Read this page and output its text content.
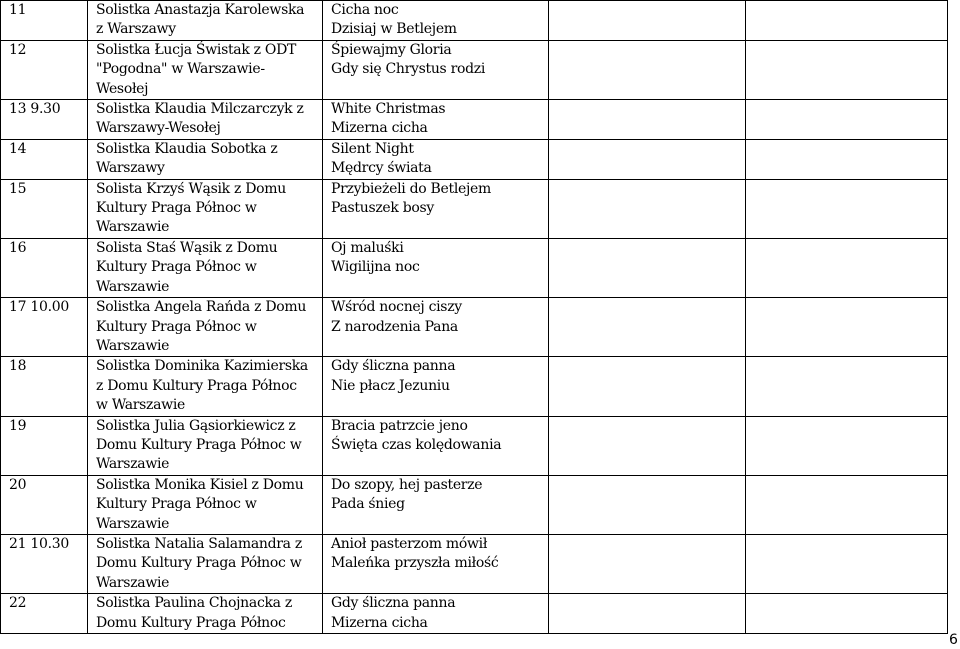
11	Solistka Anastazja Karolewska
z Warszawy	Cicha noc
Dzisiaj w Betlejem		

12	Solistka Łucja Świstak z ODT
"Pogodna" w Warszawie-
Wesołej	Śpiewajmy Gloria
Gdy się Chrystus rodzi		

13 9.30	Solistka Klaudia Milczarczyk z
Warszawy-Wesołej	White Christmas
Mizerna cicha		

14	Solistka Klaudia Sobotka z
Warszawy	Silent Night
Mędrcy świata		

15	Solista Krzyś Wąsik z Domu
Kultury Praga Północ w
Warszawie	Przybieżeli do Betlejem
Pastuszek bosy		

16	Solista Staś Wąsik z Domu
Kultury Praga Północ w
Warszawie	Oj maluśki
Wigilijna noc		

17 10.00	Solistka Angela Rańda z Domu
Kultury Praga Północ w
Warszawie	Wśród nocnej ciszy
Z narodzenia Pana		

18	Solistka Dominika Kazimierska
z Domu Kultury Praga Północ
w Warszawie	Gdy śliczna panna
Nie płacz Jezuniu		

19	Solistka Julia Gąsiorkiewicz z
Domu Kultury Praga Północ w
Warszawie	Bracia patrzcie jeno
Święta czas kolędowania		

20	Solistka Monika Kisiel z Domu
Kultury Praga Północ w
Warszawie	Do szopy, hej pasterze
Pada śnieg		

21 10.30	Solistka Natalia Salamandra z
Domu Kultury Praga Północ w
Warszawie	Anioł pasterzom mówił
Maleńka przyszła miłość		

22	Solistka Paulina Chojnacka z
Domu Kultury Praga Północ	Gdy śliczna panna
Mizerna cicha		

6
